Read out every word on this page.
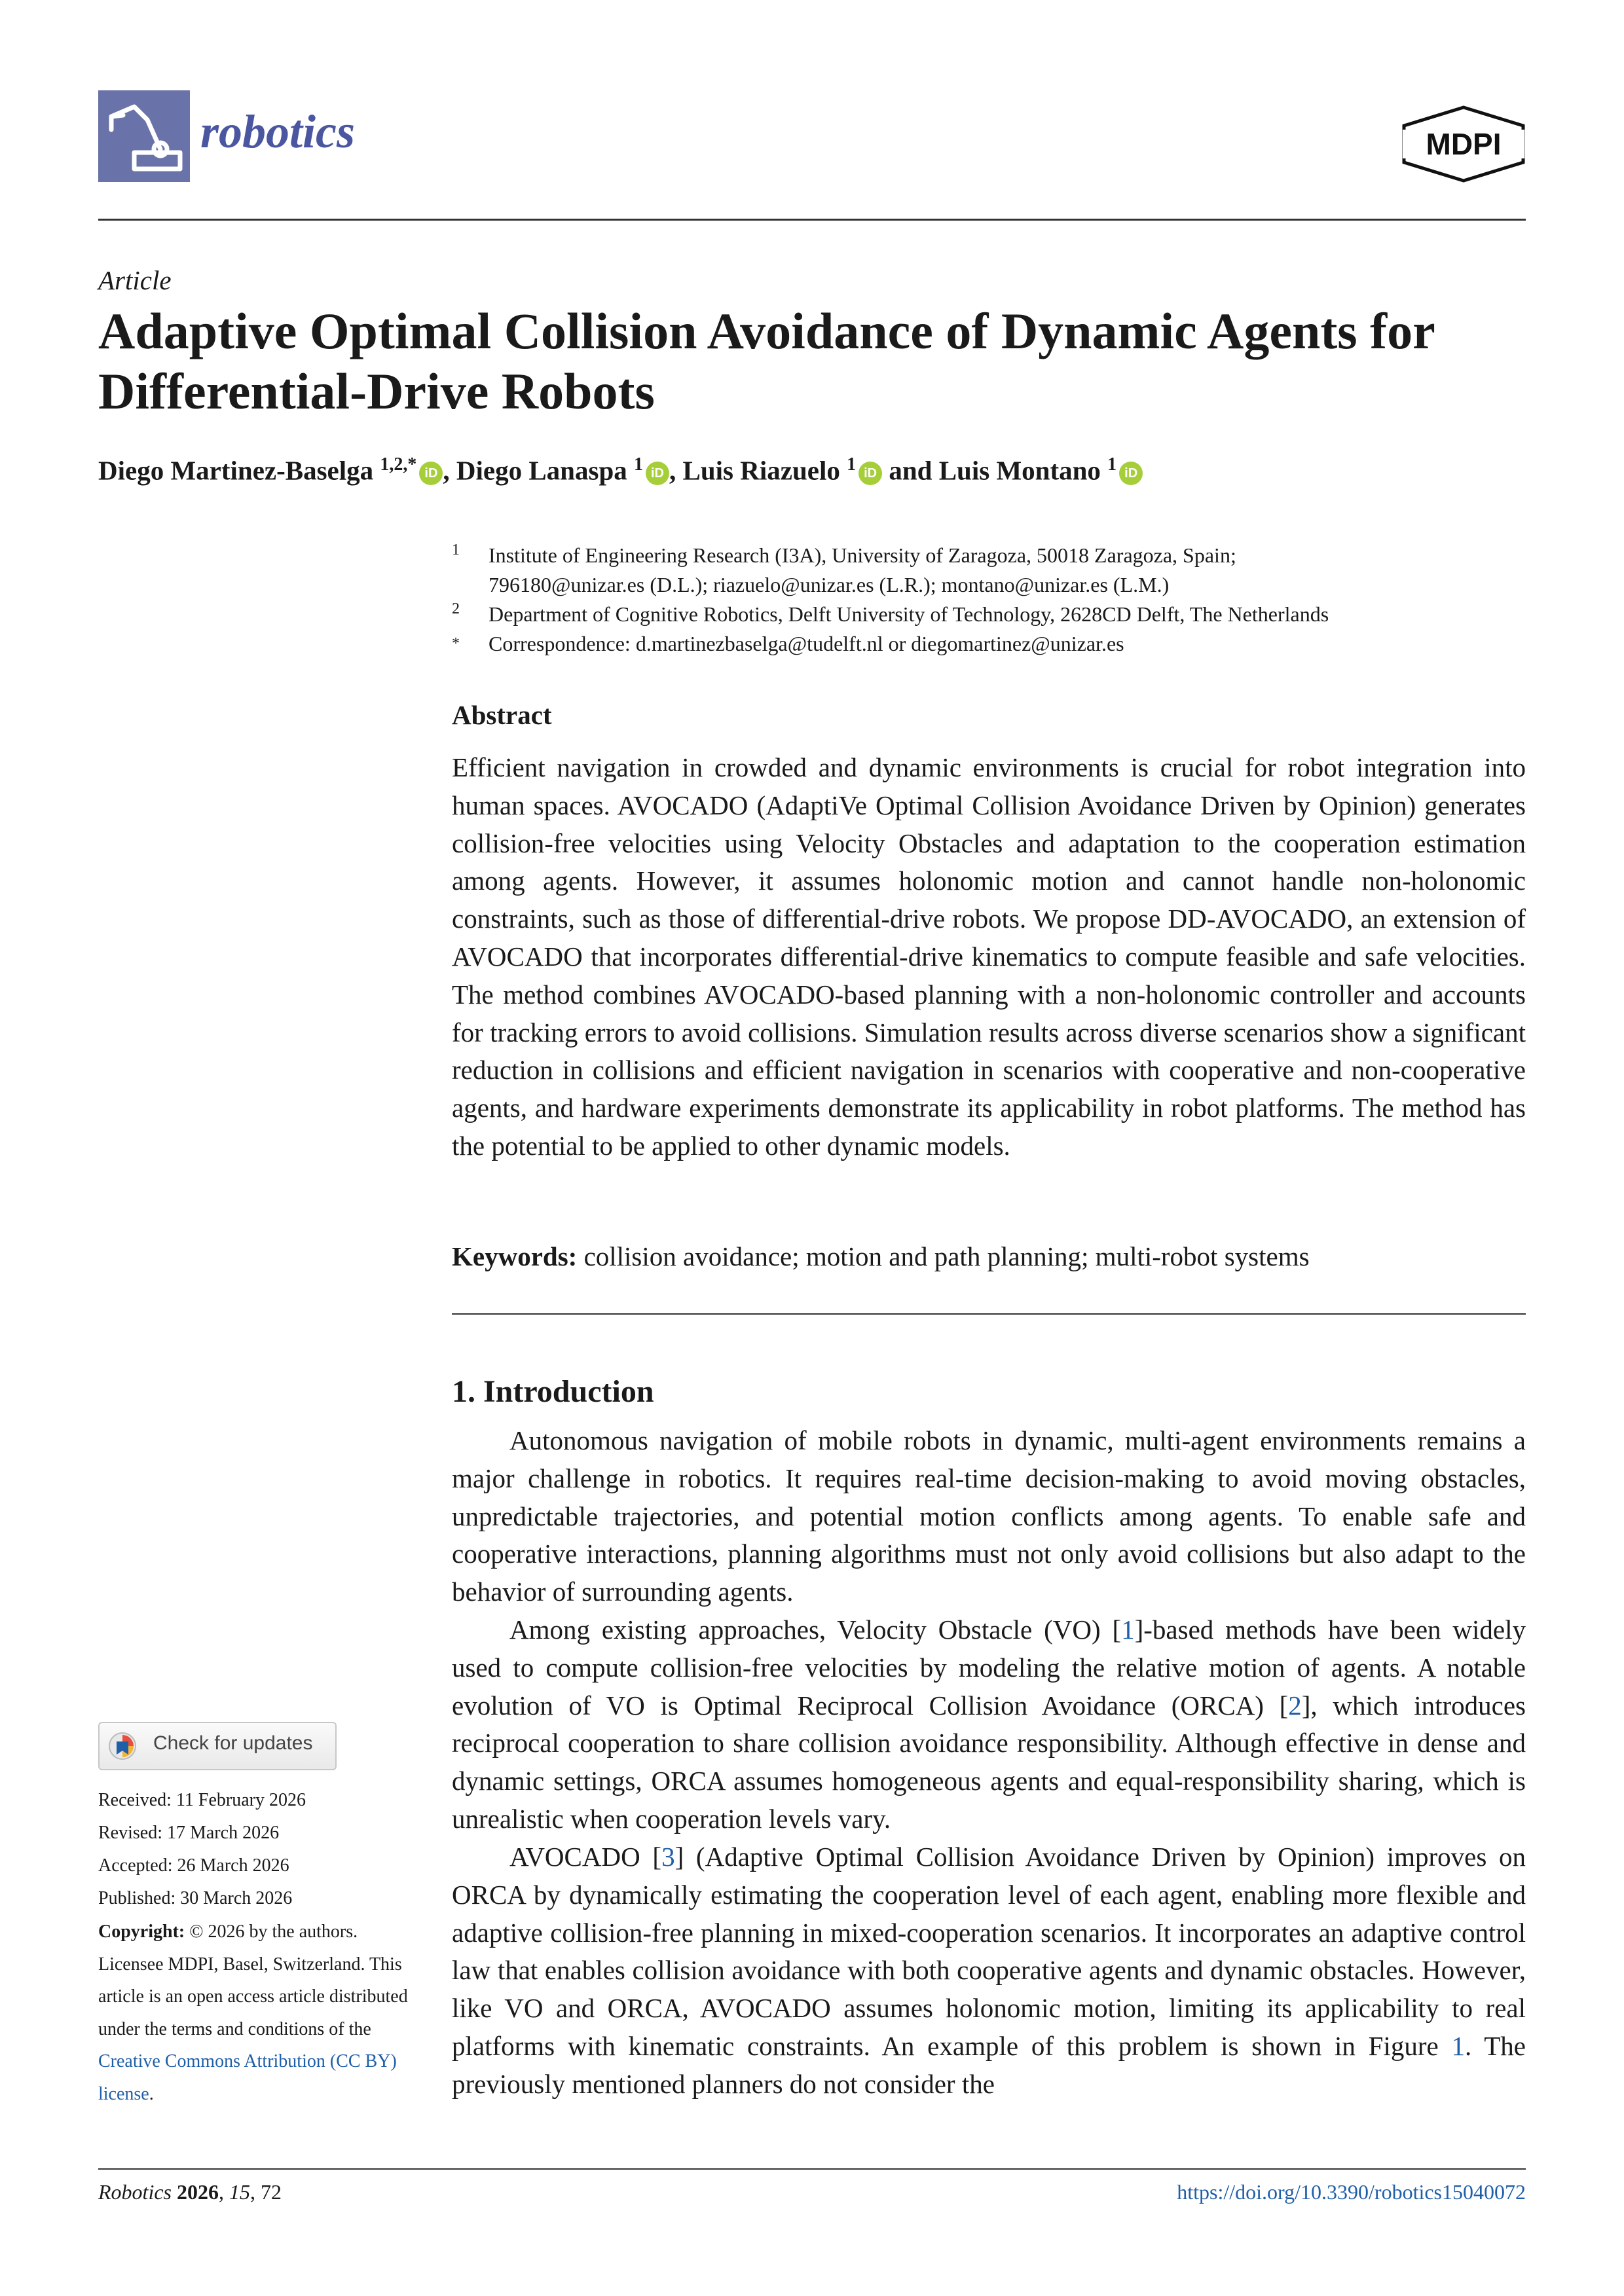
robotics	MDPI
Article
Adaptive Optimal Collision Avoidance of Dynamic Agents for Differential-Drive Robots
Diego Martinez-Baselga $^{1,2,*}$ iD , Diego Lanaspa $^1$ iD , Luis Riazuelo $^1$ iD and Luis Montano $^1$ iD
1 Institute of Engineering Research (I3A), University of Zaragoza, 50018 Zaragoza, Spain;
796180@unizar.es (D.L.); riazuelo@unizar.es (L.R.); montano@unizar.es (L.M.)
2 Department of Cognitive Robotics, Delft University of Technology, 2628CD Delft, The Netherlands
* Correspondence: d.martinezbaselga@tudelft.nl or diegomartinez@unizar.es
Abstract
Efficient navigation in crowded and dynamic environments is crucial for robot integration into human spaces. AVOCADO (AdaptiVe Optimal Collision Avoidance Driven by Opinion) generates collision-free velocities using Velocity Obstacles and adaptation to the cooperation estimation among agents. However, it assumes holonomic motion and cannot handle non-holonomic constraints, such as those of differential-drive robots. We propose DD-AVOCADO, an extension of AVOCADO that incorporates differential-drive kinematics to compute feasible and safe velocities. The method combines AVOCADO-based planning with a non-holonomic controller and accounts for tracking errors to avoid collisions. Simulation results across diverse scenarios show a significant reduction in collisions and efficient navigation in scenarios with cooperative and non-cooperative agents, and hardware experiments demonstrate its applicability in robot platforms. The method has the potential to be applied to other dynamic models.
Keywords: collision avoidance; motion and path planning; multi-robot systems
1. Introduction
Autonomous navigation of mobile robots in dynamic, multi-agent environments remains a major challenge in robotics. It requires real-time decision-making to avoid moving obstacles, unpredictable trajectories, and potential motion conflicts among agents. To enable safe and cooperative interactions, planning algorithms must not only avoid collisions but also adapt to the behavior of surrounding agents.
Among existing approaches, Velocity Obstacle (VO) [1]-based methods have been widely used to compute collision-free velocities by modeling the relative motion of agents. A notable evolution of VO is Optimal Reciprocal Collision Avoidance (ORCA) [2], which introduces reciprocal cooperation to share collision avoidance responsibility. Although effective in dense and dynamic settings, ORCA assumes homogeneous agents and equal-responsibility sharing, which is unrealistic when cooperation levels vary.
AVOCADO [3] (Adaptive Optimal Collision Avoidance Driven by Opinion) improves on ORCA by dynamically estimating the cooperation level of each agent, enabling more flexible and adaptive collision-free planning in mixed-cooperation scenarios. It incorporates an adaptive control law that enables collision avoidance with both cooperative agents and dynamic obstacles. However, like VO and ORCA, AVOCADO assumes holonomic motion, limiting its applicability to real platforms with kinematic constraints. An example of this problem is shown in Figure 1. The previously mentioned planners do not consider the
Check for updates
Received: 11 February 2026
Revised: 17 March 2026
Accepted: 26 March 2026
Published: 30 March 2026
Copyright: © 2026 by the authors. Licensee MDPI, Basel, Switzerland. This article is an open access article distributed under the terms and conditions of the Creative Commons Attribution (CC BY) license.
Robotics 2026, 15, 72	https://doi.org/10.3390/robotics15040072
